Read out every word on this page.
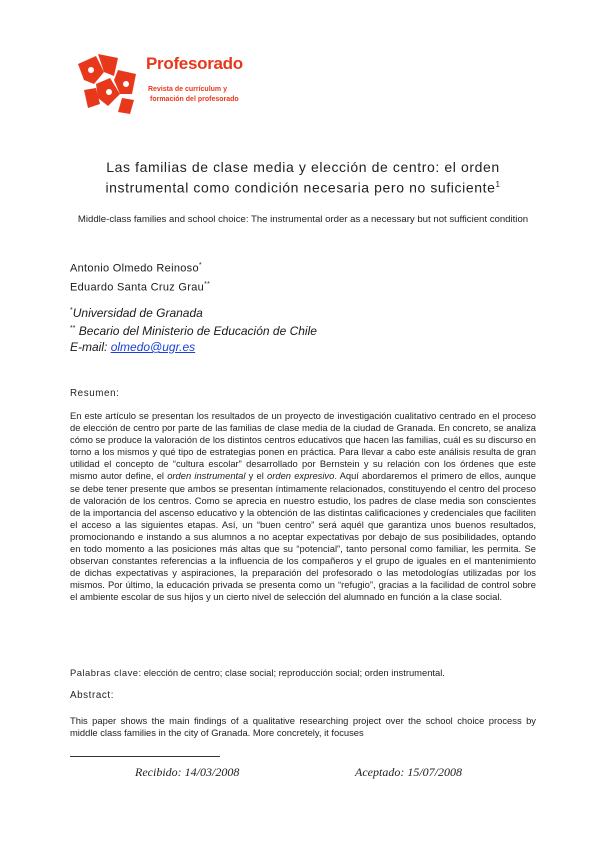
Profesorado
Revista de currículum y
formación del profesorado
Las familias de clase media y elección de centro: el orden
instrumental como condición necesaria pero no suficiente$^1$
Middle-class families and school choice: The instrumental order as a necessary but not sufficient condition
Antonio Olmedo Reinoso*
Eduardo Santa Cruz Grau**
*Universidad de Granada
** Becario del Ministerio de Educación de Chile
E-mail: olmedo@ugr.es
Resumen:
En este artículo se presentan los resultados de un proyecto de investigación cualitativo centrado en el proceso de elección de centro por parte de las familias de clase media de la ciudad de Granada. En concreto, se analiza cómo se produce la valoración de los distintos centros educativos que hacen las familias, cuál es su discurso en torno a los mismos y qué tipo de estrategias ponen en práctica. Para llevar a cabo este análisis resulta de gran utilidad el concepto de “cultura escolar” desarrollado por Bernstein y su relación con los órdenes que este mismo autor define, el orden instrumental y el orden expresivo. Aquí abordaremos el primero de ellos, aunque se debe tener presente que ambos se presentan íntimamente relacionados, constituyendo el centro del proceso de valoración de los centros. Como se aprecia en nuestro estudio, los padres de clase media son conscientes de la importancia del ascenso educativo y la obtención de las distintas calificaciones y credenciales que faciliten el acceso a las siguientes etapas. Así, un “buen centro” será aquél que garantiza unos buenos resultados, promocionando e instando a sus alumnos a no aceptar expectativas por debajo de sus posibilidades, optando en todo momento a las posiciones más altas que su “potencial”, tanto personal como familiar, les permita. Se observan constantes referencias a la influencia de los compañeros y el grupo de iguales en el mantenimiento de dichas expectativas y aspiraciones, la preparación del profesorado o las metodologías utilizadas por los mismos. Por último, la educación privada se presenta como un “refugio”, gracias a la facilidad de control sobre el ambiente escolar de sus hijos y un cierto nivel de selección del alumnado en función a la clase social.
Palabras clave: elección de centro; clase social; reproducción social; orden instrumental.
Abstract:
This paper shows the main findings of a qualitative researching project over the school choice process by middle class families in the city of Granada. More concretely, it focuses
Recibido: 14/03/2008	Aceptado: 15/07/2008
